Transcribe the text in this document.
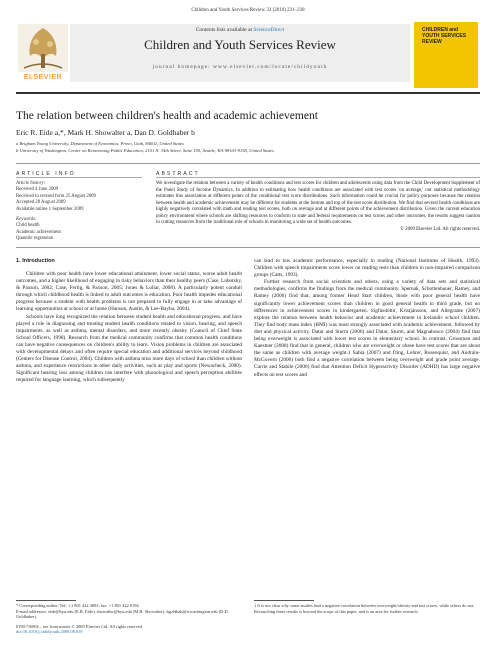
Children and Youth Services Review 32 (2010) 231–238
ELSEVIER
Contents lists available at ScienceDirect
Children and Youth Services Review
journal homepage: www.elsevier.com/locate/childyouth
CHILDREN and YOUTH SERVICES REVIEW
The relation between children's health and academic achievement
Eric R. Eide a,*, Mark H. Showalter a, Dan D. Goldhaber b
a Brigham Young University, Department of Economics, Provo, Utah, 84602, United States
b University of Washington, Center on Reinventing Public Education, 2101 N. 34th Street, Suite 195, Seattle, WA 98103-9158, United States
ARTICLE INFO
Article history:
Received 4 June 2009
Received in revised form 25 August 2009
Accepted 28 August 2009
Available online 1 September 2009
Keywords:
Child health
Academic achievement
Quantile regression
ABSTRACT
We investigate the relation between a variety of health conditions and test scores for children and adolescents using data from the Child Development Supplement of the Panel Study of Income Dynamics. In addition to estimating how health conditions are associated with test scores 'on average,' our statistical methodology estimates this association at different points of the conditional test score distributions. Such information could be crucial for policy purposes because the relation between health and academic achievement may be different for students at the bottom and top of the test score distribution. We find that several health conditions are highly negatively correlated with math and reading test scores, both on average and at different points of the achievement distribution. Given the current education policy environment where schools are shifting resources to conform to state and federal requirements on test scores and other outcomes, the results suggest caution in cutting resources from the traditional role of schools in monitoring a wide set of health outcomes.
© 2009 Elsevier Ltd. All rights reserved.
1. Introduction

Children with poor health have lower educational attainment, lower social status, worse adult health outcomes, and a higher likelihood of engaging in risky behaviors than their healthy peers (Case, Lubotsky, & Paxson, 2002; Case, Fertig, & Paxson, 2005; Jones & Lollar, 2008). A particularly potent conduit through which childhood health is linked to adult outcomes is education. Poor health impedes educational progress because a student with health problems is not prepared to fully engage in or take advantage of learning opportunities at school or at home (Hanson, Austin, & Lee-Bayha, 2004).

Schools have long recognized the relation between student health and educational progress, and have played a role in diagnosing and treating student health conditions related to vision, hearing, and speech impairments, as well as asthma, mental disorders, and more recently obesity (Council of Chief State School Officers, 1998). Research from the medical community confirms that common health conditions can have negative consequences on children's ability to learn. Vision problems in children are associated with developmental delays and often require special education and additional services beyond childhood (Centers for Disease Control, 2004). Children with asthma miss more days of school than children without asthma, and experience restrictions in other daily activities, such as play and sports (Newacheck, 2000). Significant hearing loss among children can interfere with phonological and speech perception abilities required for language learning, which subsequently

can lead to low academic performance, especially in reading (National Institutes of Health, 1993). Children with speech impairments score lower on reading tests than children in non-impaired comparison groups (Catts, 1993).

Further research from social scientists and others, using a variety of data sets and statistical methodologies, confirms the findings from the medical community. Spernak, Schottenbauer, Ramey, and Ramey (2006) find that, among former Head Start children, those with poor general health have significantly lower achievement scores than children in good general health in third grade, but no differences in achievement scores in kindergarten. Sigfúsdóttir, Kristjánsson, and Allegrante (2007) explore the relation between health behavior and academic achievement in Icelandic school children. They find body mass index (BMI) was most strongly associated with academic achievement, followed by diet and physical activity. Datar and Sturm (2006) and Datar, Sturm, and Magnabosco (2004) find that being overweight is associated with lower test scores in elementary school. In contrast, Grossman and Kaestner (2008) find that in general, children who are overweight or obese have test scores that are about the same as children with average weight.1 Sabia (2007) and Ding, Lehrer, Rosenquist, and Audrain-McGovern (2006) both find a negative correlation between being overweight and grade point average. Currie and Stabile (2006) find that Attention Deficit Hyperactivity Disorder (ADHD) has large negative effects on test scores and

* Corresponding author. Tel.: +1 801 422 4883; fax: +1 801 422 0194.
E-mail addresses: eide@byu.edu (E.R. Eide), showalter@byu.edu (M.H. Showalter), dgoldhab@u.washington.edu (D.D. Goldhaber).
0190-7409/$ – see front matter © 2009 Elsevier Ltd. All rights reserved.
doi:10.1016/j.childyouth.2009.08.019
1 It is not clear why some studies find a negative correlation between overweight/obesity and test scores, while others do not. Reconciling these results is beyond the scope of this paper, and is an area for further research.
